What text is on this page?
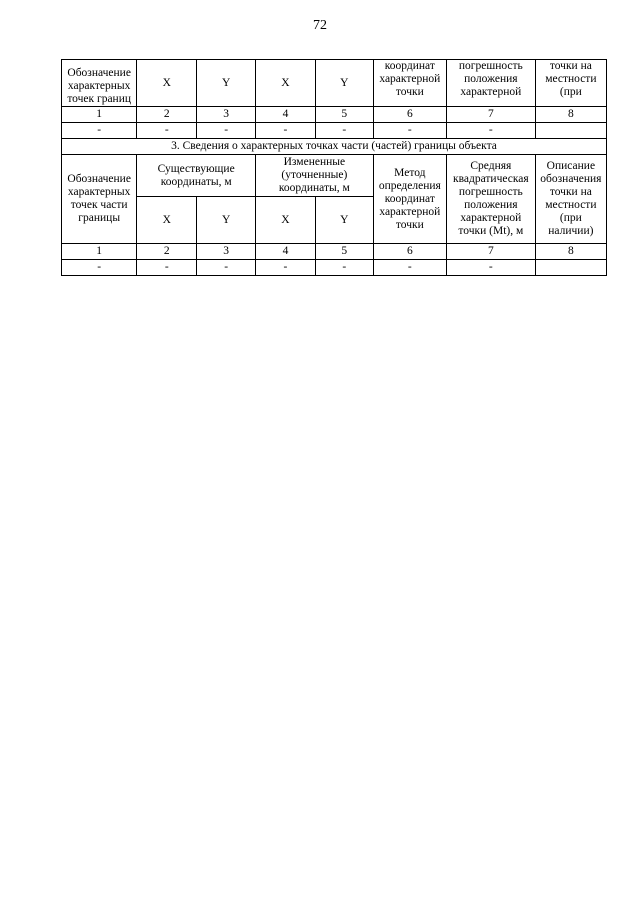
72
Обозначение характерных точек границ	X	Y	X	Y	координат характерной точки	погрешность положения характерной	точки на местности (при

1	2	3	4	5	6	7	8
-	-	-	-	-	-	-	
3. Сведения о характерных точках части (частей) границы объекта							
Обозначение характерных точек части границы	Существующие координаты, м		Измененные (уточненные) координаты, м		Метод определения координат характерной точки	Средняя квадратическая погрешность положения характерной точки (Mt), м	Описание обозначения точки на местности (при наличии)
	X	Y	X	Y			
1	2	3	4	5	6	7	8
-	-	-	-	-	-	-	
